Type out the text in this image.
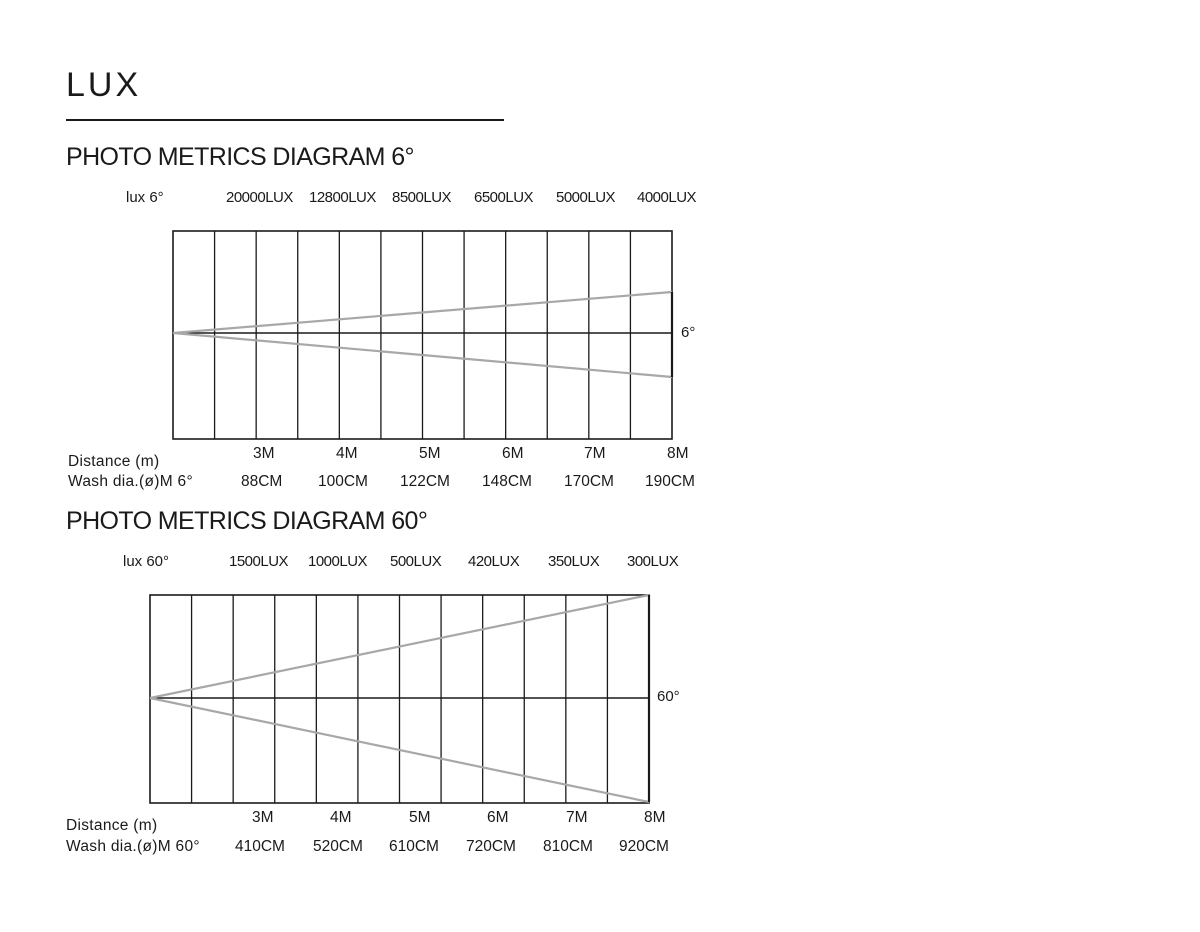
LUX
PHOTO METRICS DIAGRAM 6°
lux 6°	20000LUX 12800LUX 8500LUX 6500LUX 5000LUX 4000LUX
6°
Distance (m)	3M	4M	5M	6M	7M	8M
Wash dia.(ø)M 6°	88CM 100CM 122CM 148CM 170CM 190CM
PHOTO METRICS DIAGRAM 60°
lux 60°	1500LUX 1000LUX 500LUX 420LUX 350LUX 300LUX
60°
Distance (m)	3M	4M	5M	6M	7M	8M
Wash dia.(ø)M 60° 410CM 520CM 610CM 720CM 810CM 920CM
